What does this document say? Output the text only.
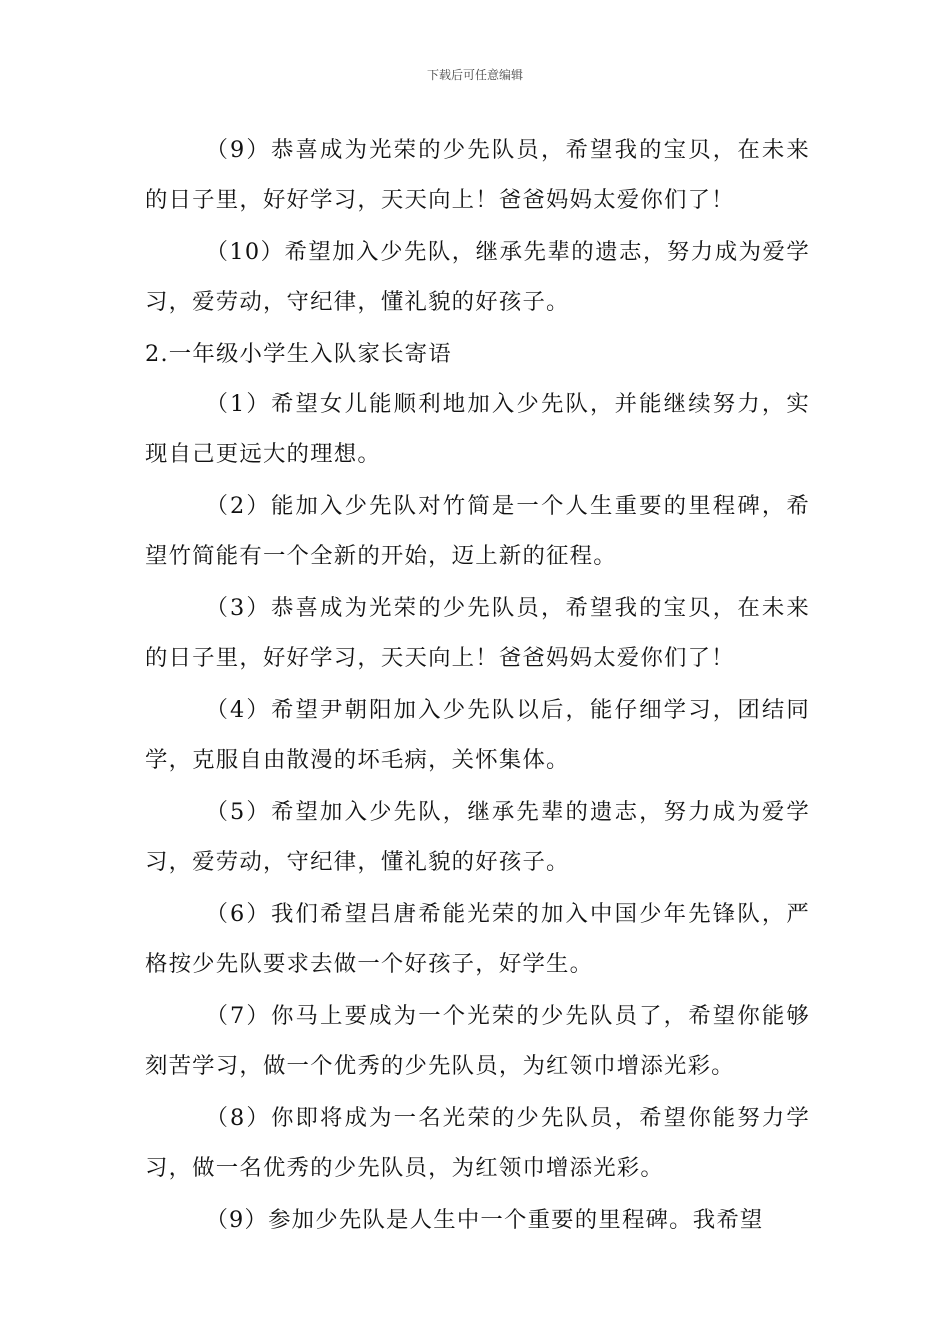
下载后可任意编辑

（9）恭喜成为光荣的少先队员，希望我的宝贝，在未来的日子里，好好学习，天天向上！爸爸妈妈太爱你们了！

（10）希望加入少先队，继承先辈的遗志，努力成为爱学习，爱劳动，守纪律，懂礼貌的好孩子。

2.一年级小学生入队家长寄语

（1）希望女儿能顺利地加入少先队，并能继续努力，实现自己更远大的理想。

（2）能加入少先队对竹简是一个人生重要的里程碑，希望竹简能有一个全新的开始，迈上新的征程。

（3）恭喜成为光荣的少先队员，希望我的宝贝，在未来的日子里，好好学习，天天向上！爸爸妈妈太爱你们了！

（4）希望尹朝阳加入少先队以后，能仔细学习，团结同学，克服自由散漫的坏毛病，关怀集体。

（5）希望加入少先队，继承先辈的遗志，努力成为爱学习，爱劳动，守纪律，懂礼貌的好孩子。

（6）我们希望吕唐希能光荣的加入中国少年先锋队，严格按少先队要求去做一个好孩子，好学生。

（7）你马上要成为一个光荣的少先队员了，希望你能够刻苦学习，做一个优秀的少先队员，为红领巾增添光彩。

（8）你即将成为一名光荣的少先队员，希望你能努力学习，做一名优秀的少先队员，为红领巾增添光彩。

（9）参加少先队是人生中一个重要的里程碑。我希望
